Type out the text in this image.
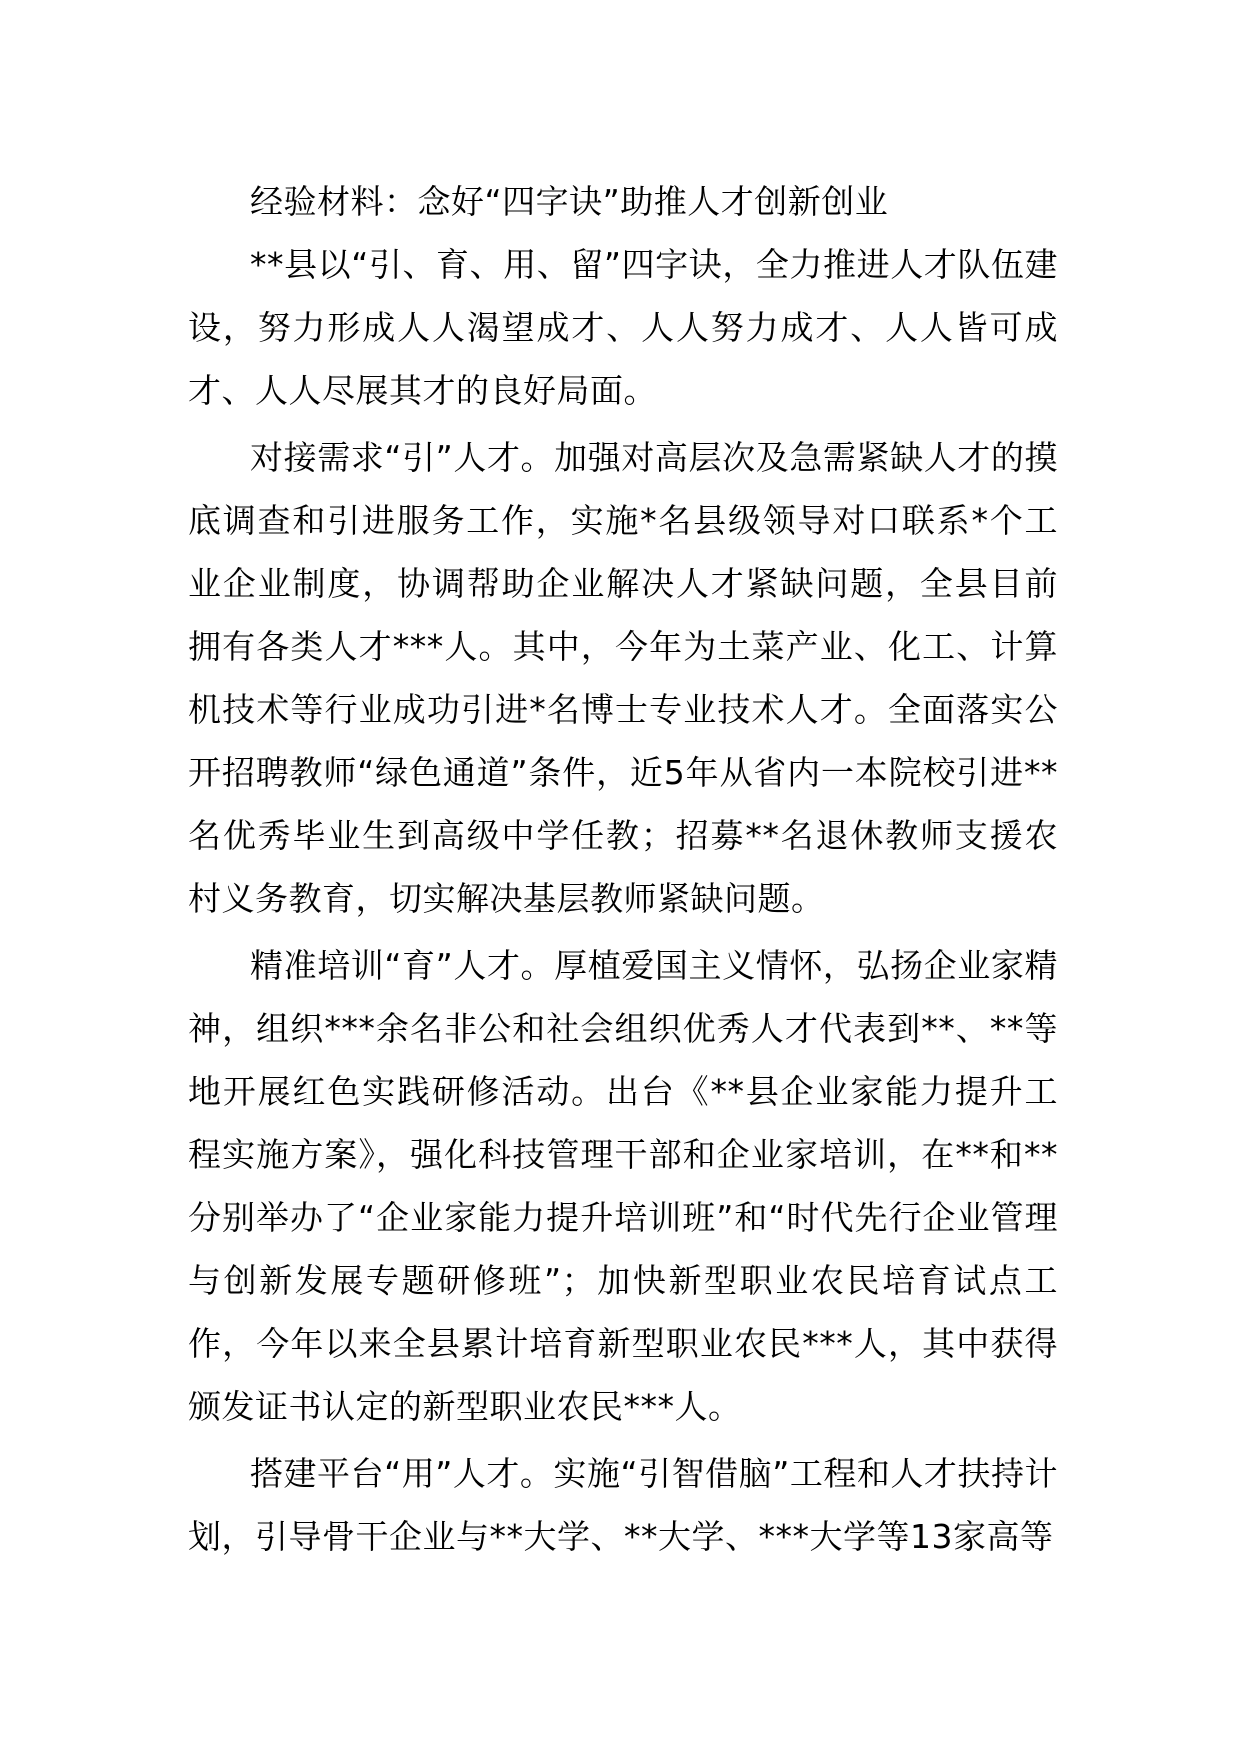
经验材料：念好“四字诀”助推人才创新创业

**县以“引、育、用、留”四字诀，全力推进人才队伍建设，努力形成人人渴望成才、人人努力成才、人人皆可成才、人人尽展其才的良好局面。

对接需求“引”人才。加强对高层次及急需紧缺人才的摸底调查和引进服务工作，实施*名县级领导对口联系*个工业企业制度，协调帮助企业解决人才紧缺问题，全县目前拥有各类人才***人。其中，今年为土菜产业、化工、计算机技术等行业成功引进*名博士专业技术人才。全面落实公开招聘教师“绿色通道”条件，近5年从省内一本院校引进**名优秀毕业生到高级中学任教；招募**名退休教师支援农村义务教育，切实解决基层教师紧缺问题。

精准培训“育”人才。厚植爱国主义情怀，弘扬企业家精神，组织***余名非公和社会组织优秀人才代表到**、**等地开展红色实践研修活动。出台《**县企业家能力提升工程实施方案》，强化科技管理干部和企业家培训，在**和**分别举办了“企业家能力提升培训班”和“时代先行企业管理与创新发展专题研修班”；加快新型职业农民培育试点工作，今年以来全县累计培育新型职业农民***人，其中获得颁发证书认定的新型职业农民***人。

搭建平台“用”人才。实施“引智借脑”工程和人才扶持计划，引导骨干企业与**大学、**大学、***大学等13家高等
